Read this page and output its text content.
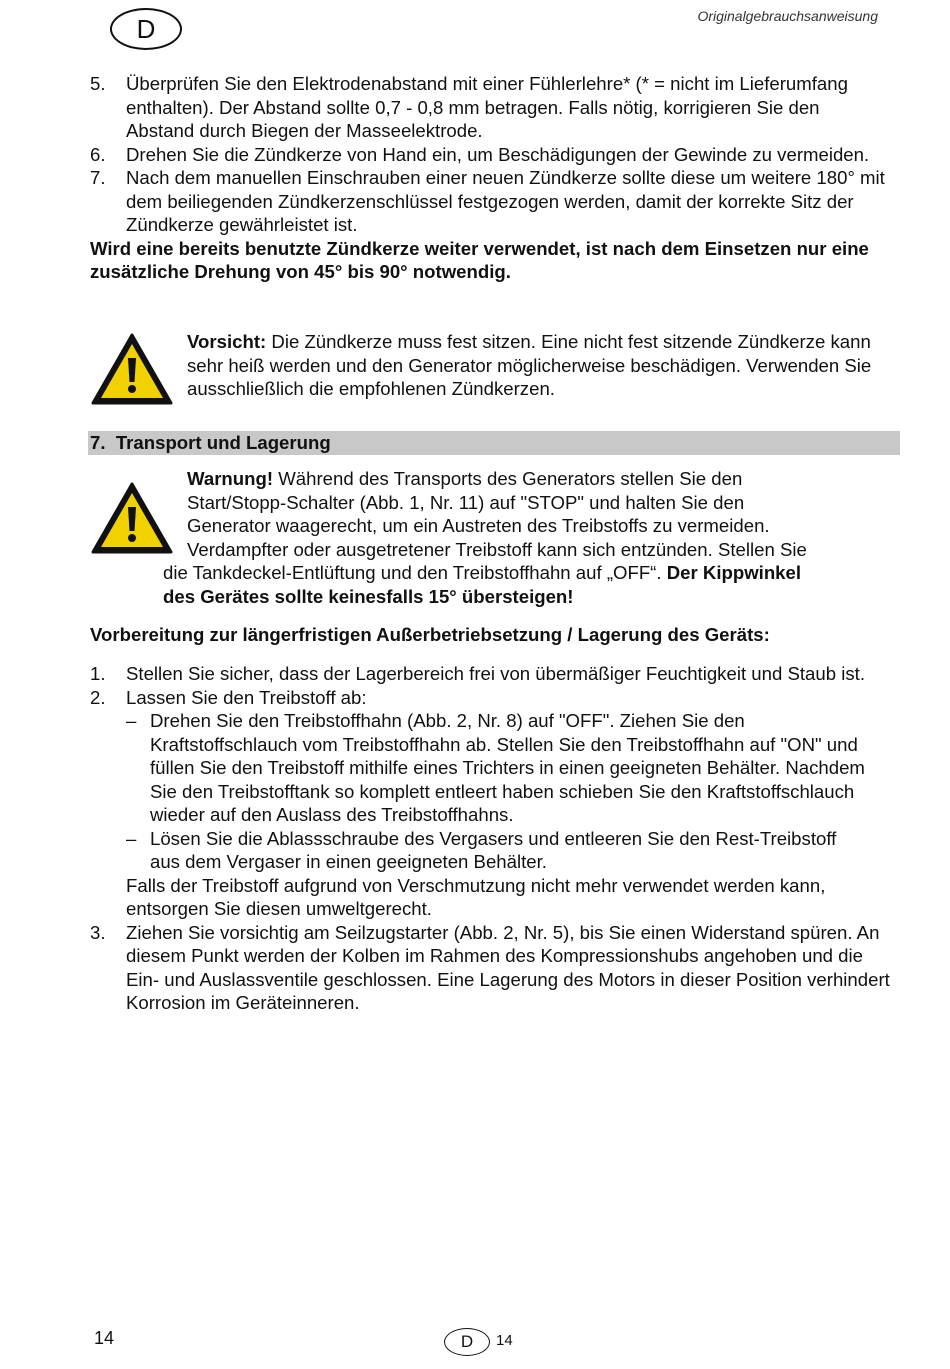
D	Originalgebrauchsanweisung
5. Überprüfen Sie den Elektrodenabstand mit einer Fühlerlehre* (* = nicht im Lieferumfang enthalten). Der Abstand sollte 0,7 - 0,8 mm betragen. Falls nötig, korrigieren Sie den Abstand durch Biegen der Masseelektrode.
6. Drehen Sie die Zündkerze von Hand ein, um Beschädigungen der Gewinde zu vermeiden.
7. Nach dem manuellen Einschrauben einer neuen Zündkerze sollte diese um weitere 180° mit dem beiliegenden Zündkerzenschlüssel festgezogen werden, damit der korrekte Sitz der Zündkerze gewährleistet ist.
Wird eine bereits benutzte Zündkerze weiter verwendet, ist nach dem Einsetzen nur eine zusätzliche Drehung von 45° bis 90° notwendig.
Vorsicht: Die Zündkerze muss fest sitzen. Eine nicht fest sitzende Zündkerze kann sehr heiß werden und den Generator möglicherweise beschädigen. Verwenden Sie ausschließlich die empfohlenen Zündkerzen.
7.  Transport und Lagerung
Warnung! Während des Transports des Generators stellen Sie den
Start/Stopp-Schalter (Abb. 1, Nr. 11) auf "STOP" und halten Sie den
Generator waagerecht, um ein Austreten des Treibstoffs zu vermeiden.
Verdampfter oder ausgetretener Treibstoff kann sich entzünden. Stellen Sie
die Tankdeckel-Entlüftung und den Treibstoffhahn auf „OFF“. Der Kippwinkel
des Gerätes sollte keinesfalls 15° übersteigen!
Vorbereitung zur längerfristigen Außerbetriebsetzung / Lagerung des Geräts:
1. Stellen Sie sicher, dass der Lagerbereich frei von übermäßiger Feuchtigkeit und Staub ist.
2. Lassen Sie den Treibstoff ab:
– Drehen Sie den Treibstoffhahn (Abb. 2, Nr. 8) auf "OFF". Ziehen Sie den Kraftstoffschlauch vom Treibstoffhahn ab. Stellen Sie den Treibstoffhahn auf "ON" und füllen Sie den Treibstoff mithilfe eines Trichters in einen geeigneten Behälter. Nachdem Sie den Treibstofftank so komplett entleert haben schieben Sie den Kraftstoffschlauch wieder auf den Auslass des Treibstoffhahns.
– Lösen Sie die Ablassschraube des Vergasers und entleeren Sie den Rest-Treibstoff aus dem Vergaser in einen geeigneten Behälter.
Falls der Treibstoff aufgrund von Verschmutzung nicht mehr verwendet werden kann, entsorgen Sie diesen umweltgerecht.
3. Ziehen Sie vorsichtig am Seilzugstarter (Abb. 2, Nr. 5), bis Sie einen Widerstand spüren. An diesem Punkt werden der Kolben im Rahmen des Kompressionshubs angehoben und die Ein- und Auslassventile geschlossen. Eine Lagerung des Motors in dieser Position verhindert Korrosion im Geräteinneren.
14	D 14
